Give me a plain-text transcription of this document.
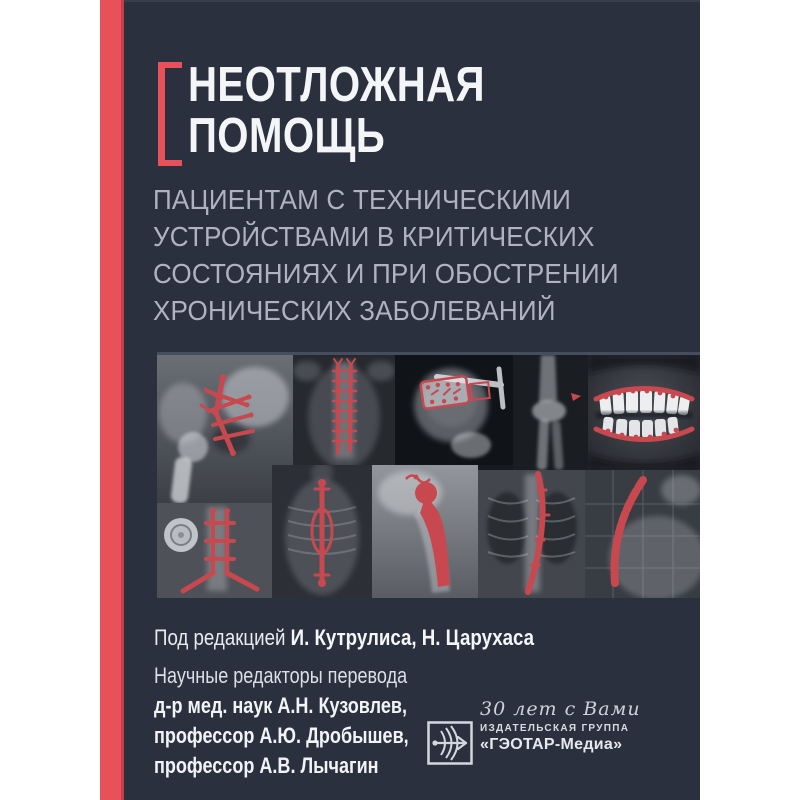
НЕОТЛОЖНАЯ
ПОМОЩЬ
ПАЦИЕНТАМ С ТЕХНИЧЕСКИМИ
УСТРОЙСТВАМИ В КРИТИЧЕСКИХ
СОСТОЯНИЯХ И ПРИ ОБОСТРЕНИИ
ХРОНИЧЕСКИХ ЗАБОЛЕВАНИЙ
Под редакцией И. Кутрулиса, Н. Царухаса
Научные редакторы перевода
д-р мед. наук А.Н. Кузовлев,
профессор А.Ю. Дробышев,
профессор А.В. Лычагин
30 лет с Вами
ИЗДАТЕЛЬСКАЯ ГРУППА
«ГЭОТАР-Медиа»
